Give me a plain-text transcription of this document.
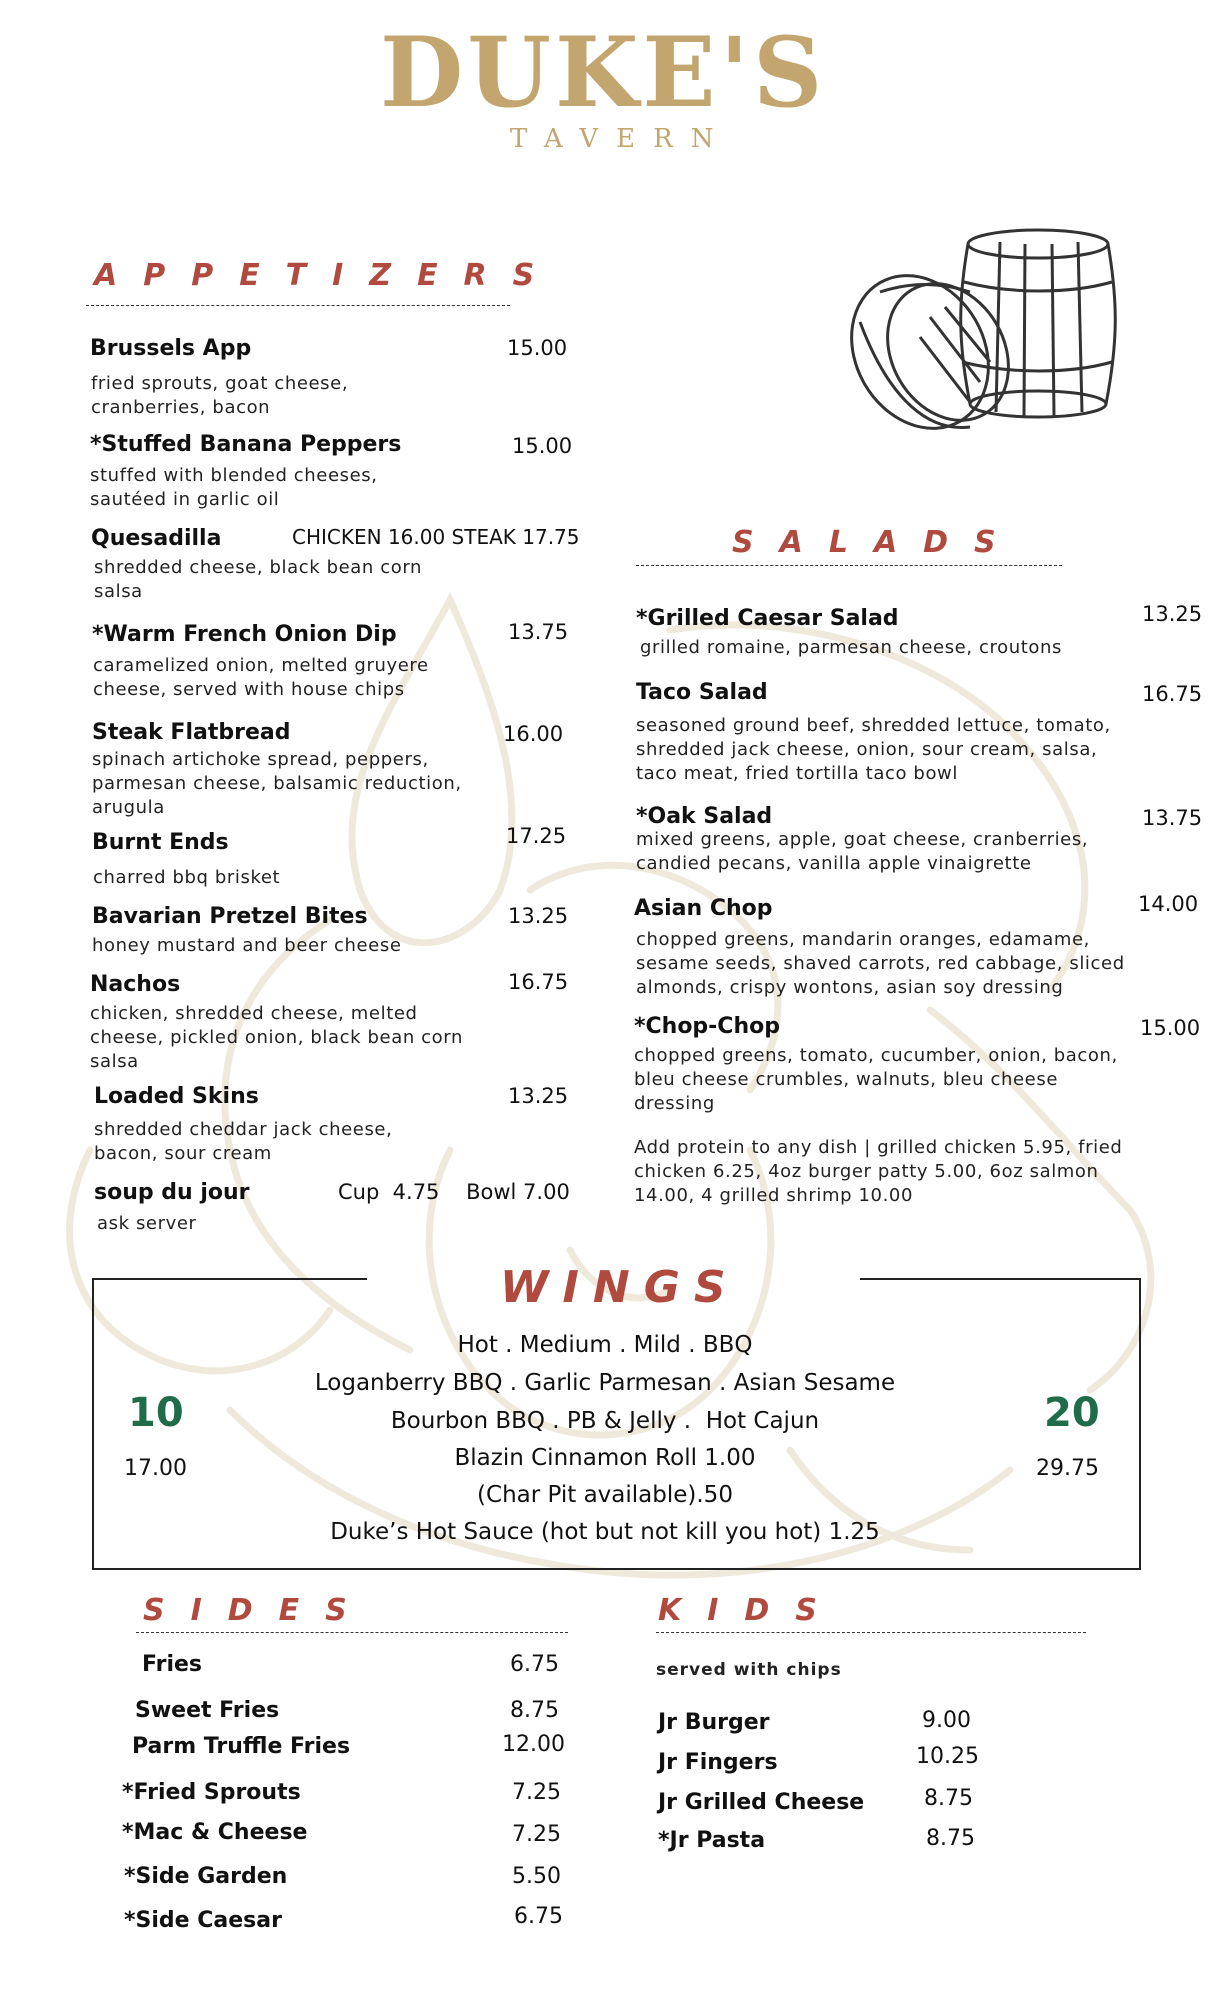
DUKE'S
TAVERN
APPETIZERS
Brussels App	15.00
fried sprouts, goat cheese, cranberries, bacon
*Stuffed Banana Peppers	15.00
stuffed with blended cheeses, sautéed in garlic oil
Quesadilla	CHICKEN 16.00 STEAK 17.75
shredded cheese, black bean corn salsa
*Warm French Onion Dip	13.75
caramelized onion, melted gruyere cheese, served with house chips
Steak Flatbread	16.00
spinach artichoke spread, peppers, parmesan cheese, balsamic reduction, arugula
Burnt Ends	17.25
charred bbq brisket
Bavarian Pretzel Bites	13.25
honey mustard and beer cheese
Nachos	16.75
chicken, shredded cheese, melted cheese, pickled onion, black bean corn salsa
Loaded Skins	13.25
shredded cheddar jack cheese, bacon, sour cream
soup du jour	Cup  4.75    Bowl 7.00
ask server
SALADS
*Grilled Caesar Salad	13.25
grilled romaine, parmesan cheese, croutons
Taco Salad	16.75
seasoned ground beef, shredded lettuce, tomato, shredded jack cheese, onion, sour cream, salsa, taco meat, fried tortilla taco bowl
*Oak Salad	13.75
mixed greens, apple, goat cheese, cranberries, candied pecans, vanilla apple vinaigrette
Asian Chop	14.00
chopped greens, mandarin oranges, edamame, sesame seeds, shaved carrots, red cabbage, sliced almonds, crispy wontons, asian soy dressing
*Chop-Chop	15.00
chopped greens, tomato, cucumber, onion, bacon, bleu cheese crumbles, walnuts, bleu cheese dressing
Add protein to any dish | grilled chicken 5.95, fried chicken 6.25, 4oz burger patty 5.00, 6oz salmon 14.00, 4 grilled shrimp 10.00
WINGS
10
17.00
20
29.75
Hot . Medium . Mild . BBQ
Loganberry BBQ . Garlic Parmesan . Asian Sesame
Bourbon BBQ . PB & Jelly .  Hot Cajun
Blazin Cinnamon Roll 1.00
(Char Pit available).50
Duke’s Hot Sauce (hot but not kill you hot) 1.25
SIDES
Fries	6.75
Sweet Fries	8.75
Parm Truffle Fries	12.00
*Fried Sprouts	7.25
*Mac & Cheese	7.25
*Side Garden	5.50
*Side Caesar	6.75
KIDS
served with chips
Jr Burger	9.00
Jr Fingers	10.25
Jr Grilled Cheese	8.75
*Jr Pasta	8.75
